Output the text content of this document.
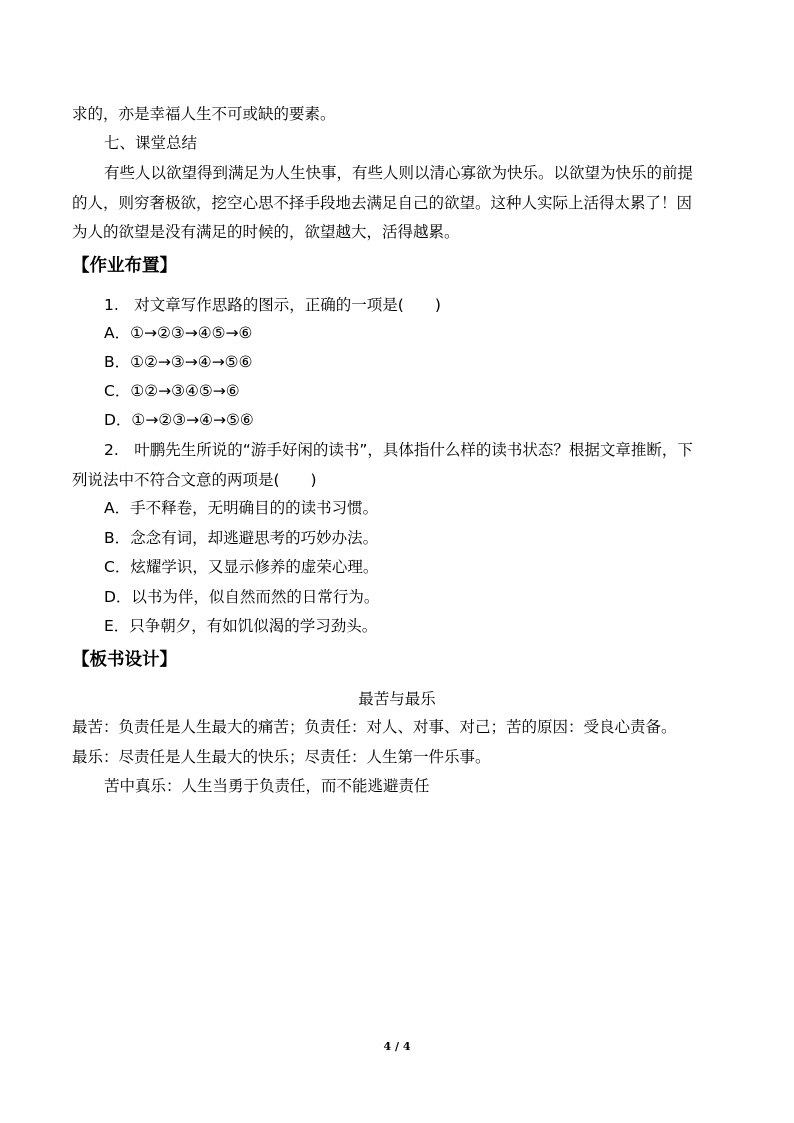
求的，亦是幸福人生不可或缺的要素。
七、课堂总结
有些人以欲望得到满足为人生快事，有些人则以清心寡欲为快乐。以欲望为快乐的前提
的人，则穷奢极欲，挖空心思不择手段地去满足自己的欲望。这种人实际上活得太累了！因
为人的欲望是没有满足的时候的，欲望越大，活得越累。
【作业布置】
1.　对文章写作思路的图示，正确的一项是(　　)
A．①→②③→④⑤→⑥
B．①②→③→④→⑤⑥
C．①②→③④⑤→⑥
D．①→②③→④→⑤⑥
2.　叶鹏先生所说的“游手好闲的读书”，具体指什么样的读书状态？根据文章推断，下
列说法中不符合文意的两项是(　　)
A．手不释卷，无明确目的的读书习惯。
B．念念有词，却逃避思考的巧妙办法。
C．炫耀学识，又显示修养的虚荣心理。
D．以书为伴，似自然而然的日常行为。
E．只争朝夕，有如饥似渴的学习劲头。
【板书设计】
最苦与最乐
最苦：负责任是人生最大的痛苦；负责任：对人、对事、对己；苦的原因：受良心责备。
最乐：尽责任是人生最大的快乐；尽责任：人生第一件乐事。
苦中真乐：人生当勇于负责任，而不能逃避责任
4 / 4
